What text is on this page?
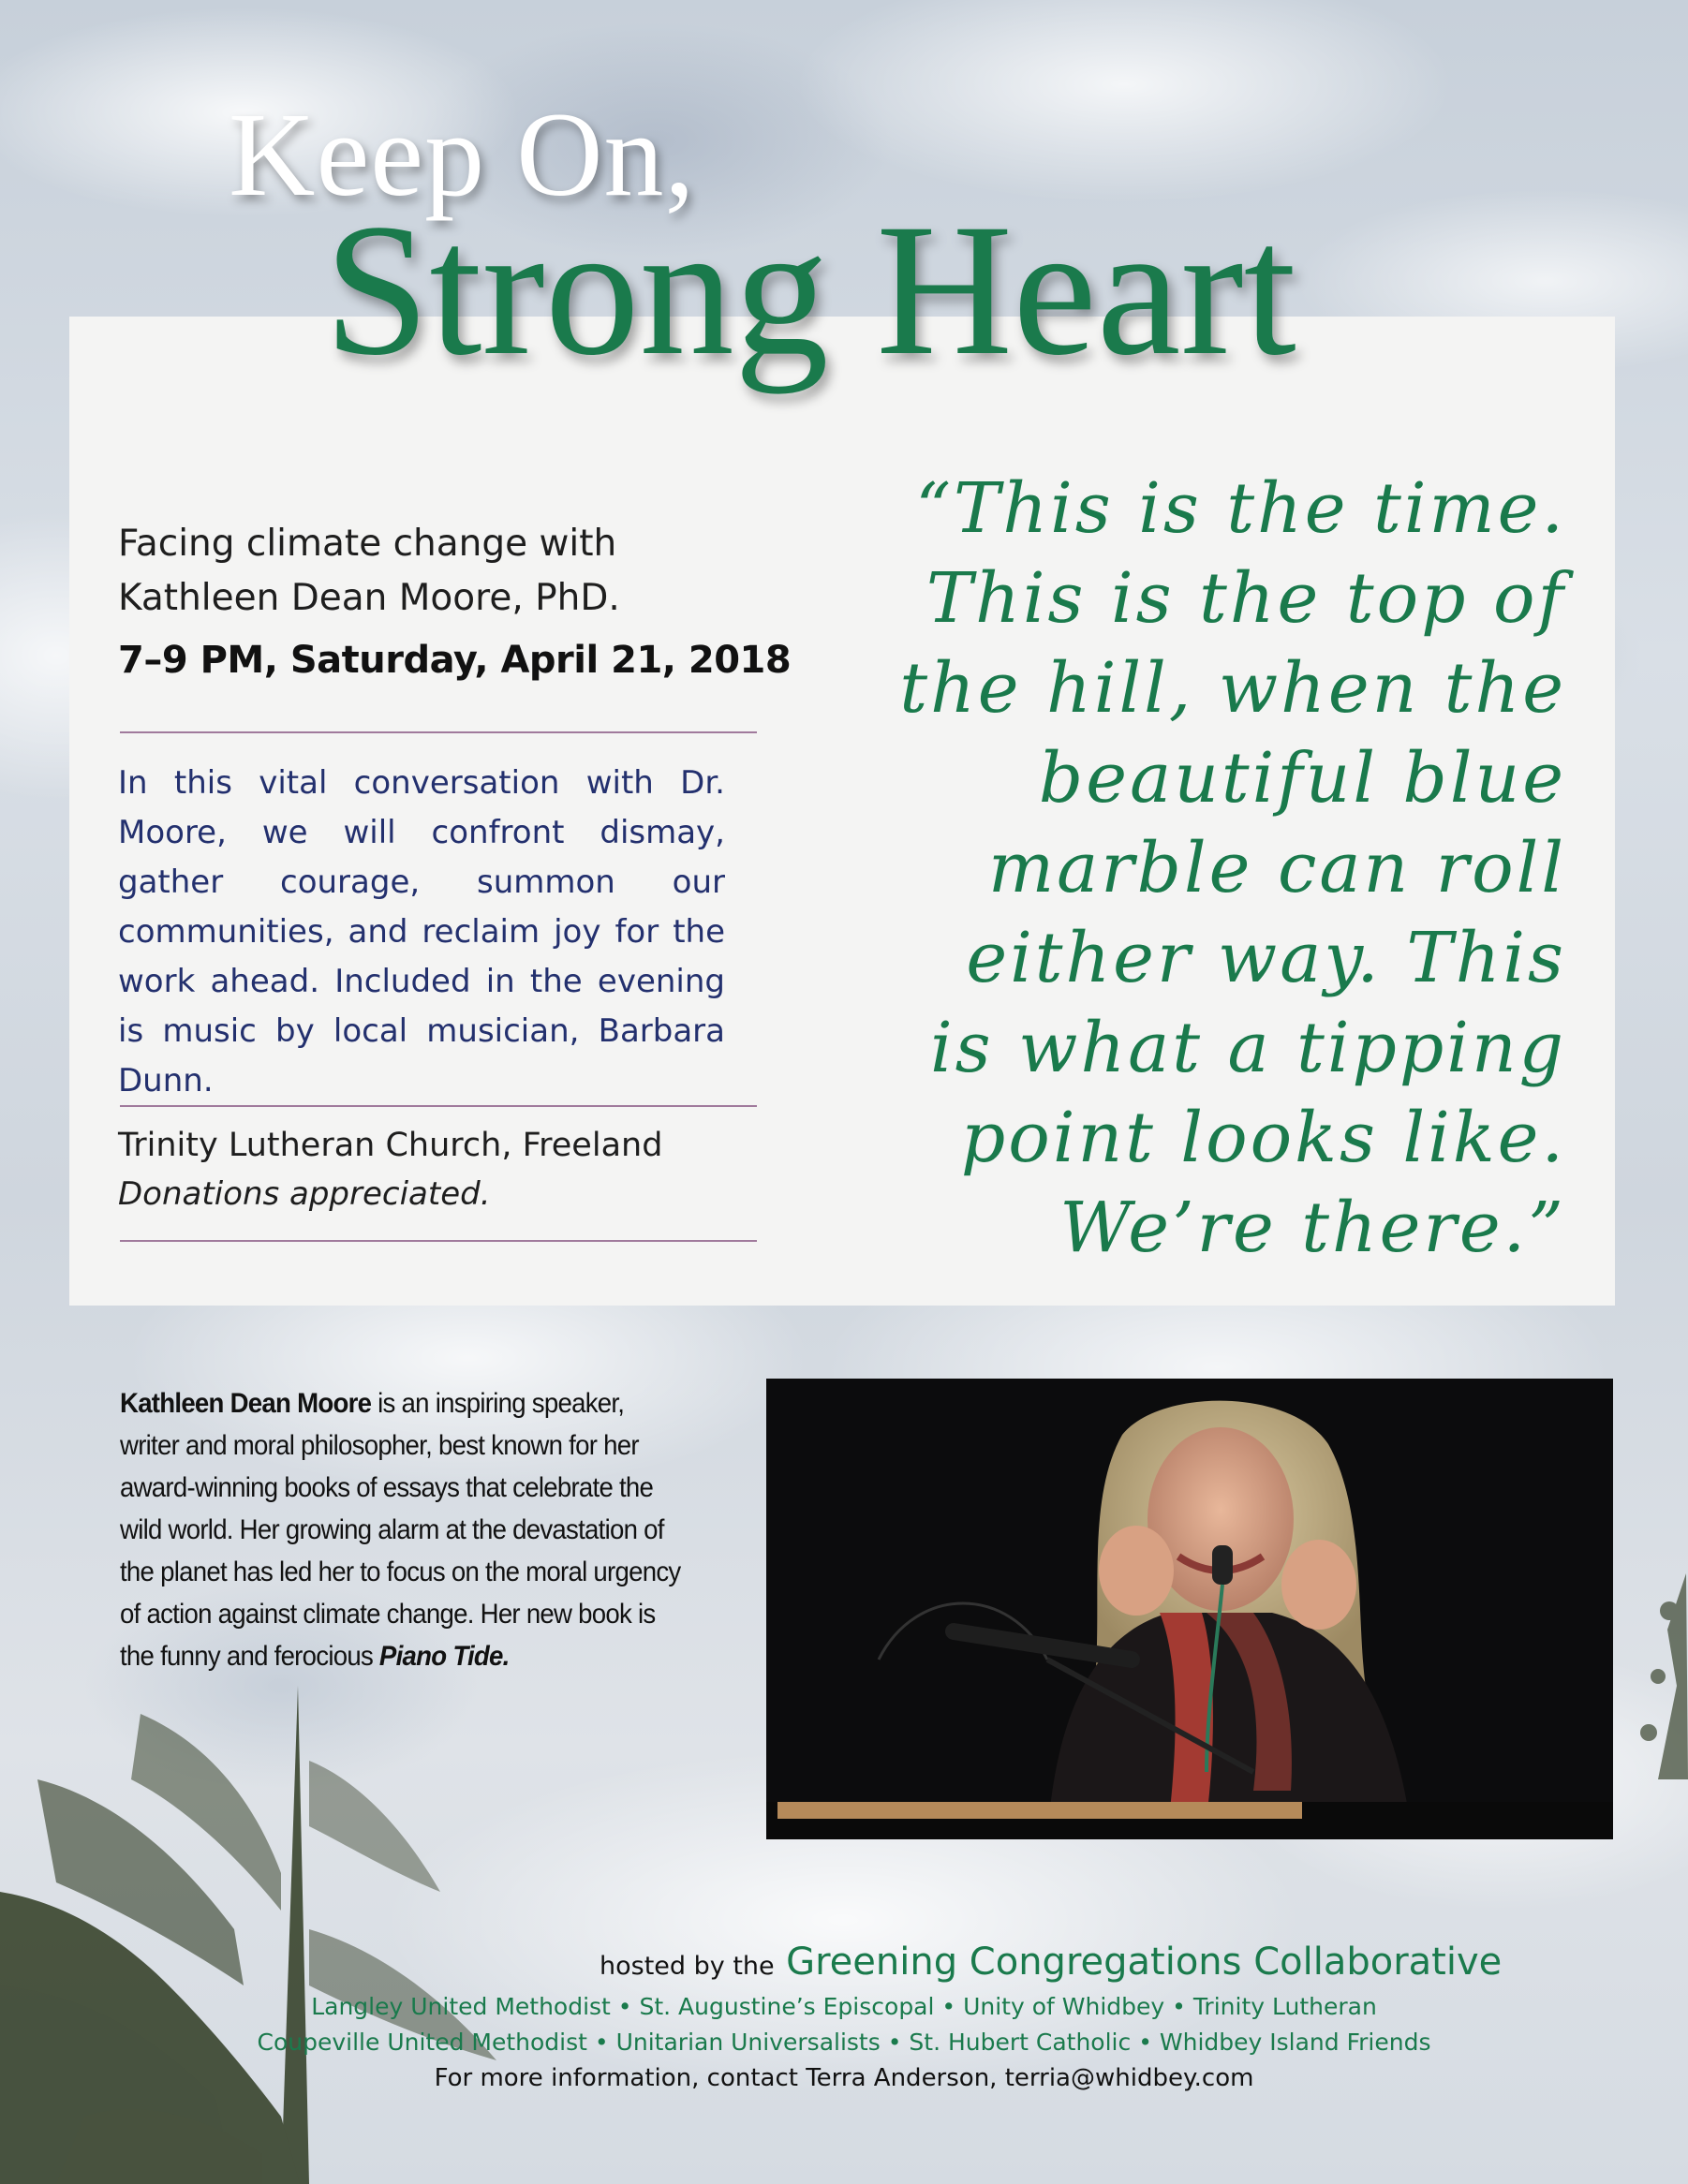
Keep On,
Strong Heart

Facing climate change with

Kathleen Dean Moore, PhD.

7–9 PM, Saturday, April 21, 2018

In this vital conversation with Dr. Moore, we will confront dismay, gather courage, summon our communities, and reclaim joy for the work ahead. Included in the evening is music by local musician, Barbara Dunn.

Trinity Lutheran Church, Freeland

Donations appreciated.

“This is the time.
This is the top of
the hill, when the
beautiful blue
marble can roll
either way. This
is what a tipping
point looks like.
We’re there.”

Kathleen Dean Moore is an inspiring speaker, writer and moral philosopher, best known for her award-winning books of essays that celebrate the wild world. Her growing alarm at the devastation of the planet has led her to focus on the moral urgency of action against climate change. Her new book is the funny and ferocious Piano Tide.

hosted by the Greening Congregations Collaborative

Langley United Methodist • St. Augustine’s Episcopal • Unity of Whidbey • Trinity Lutheran

Coupeville United Methodist • Unitarian Universalists • St. Hubert Catholic • Whidbey Island Friends

For more information, contact Terra Anderson, terria@whidbey.com
